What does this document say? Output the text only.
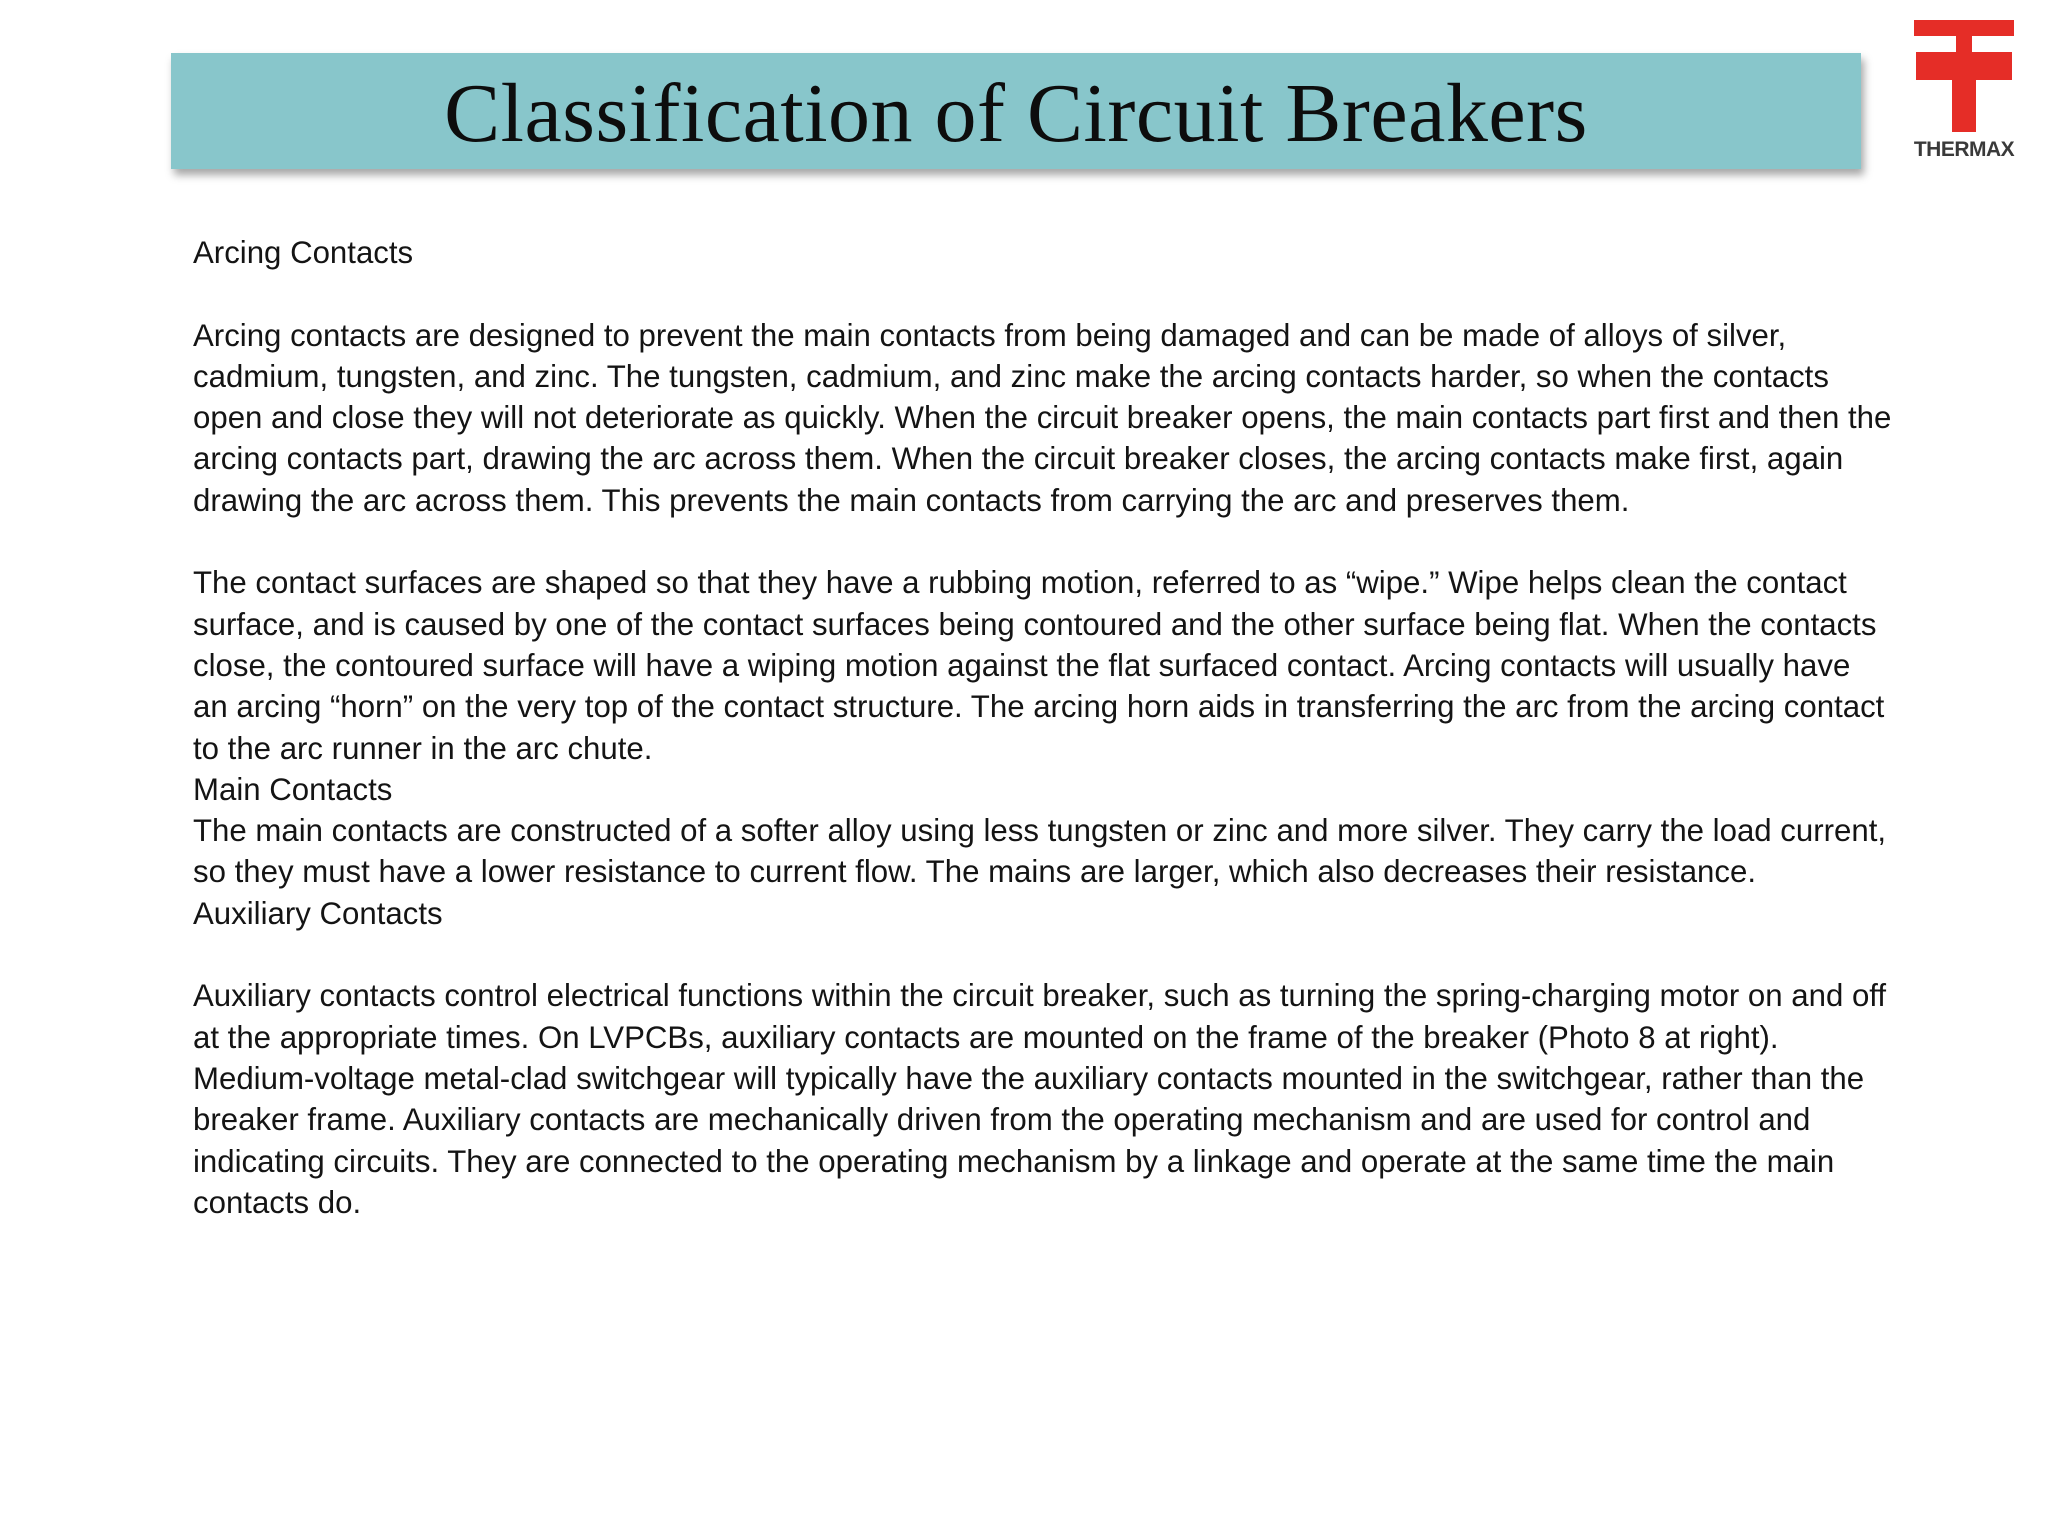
Classification of Circuit Breakers	THERMAX

Arcing Contacts

Arcing contacts are designed to prevent the main contacts from being damaged and can be made of alloys of silver, cadmium, tungsten, and zinc. The tungsten, cadmium, and zinc make the arcing contacts harder, so when the contacts open and close they will not deteriorate as quickly. When the circuit breaker opens, the main contacts part first and then the arcing contacts part, drawing the arc across them. When the circuit breaker closes, the arcing contacts make first, again drawing the arc across them. This prevents the main contacts from carrying the arc and preserves them.

The contact surfaces are shaped so that they have a rubbing motion, referred to as “wipe.” Wipe helps clean the contact surface, and is caused by one of the contact surfaces being contoured and the other surface being flat. When the contacts close, the contoured surface will have a wiping motion against the flat surfaced contact. Arcing contacts will usually have an arcing “horn” on the very top of the contact structure. The arcing horn aids in transferring the arc from the arcing contact to the arc runner in the arc chute.

Main Contacts

The main contacts are constructed of a softer alloy using less tungsten or zinc and more silver. They carry the load current, so they must have a lower resistance to current flow. The mains are larger, which also decreases their resistance.

Auxiliary Contacts

Auxiliary contacts control electrical functions within the circuit breaker, such as turning the spring-charging motor on and off at the appropriate times. On LVPCBs, auxiliary contacts are mounted on the frame of the breaker (Photo 8 at right). Medium-voltage metal-clad switchgear will typically have the auxiliary contacts mounted in the switchgear, rather than the breaker frame. Auxiliary contacts are mechanically driven from the operating mechanism and are used for control and indicating circuits. They are connected to the operating mechanism by a linkage and operate at the same time the main contacts do.
